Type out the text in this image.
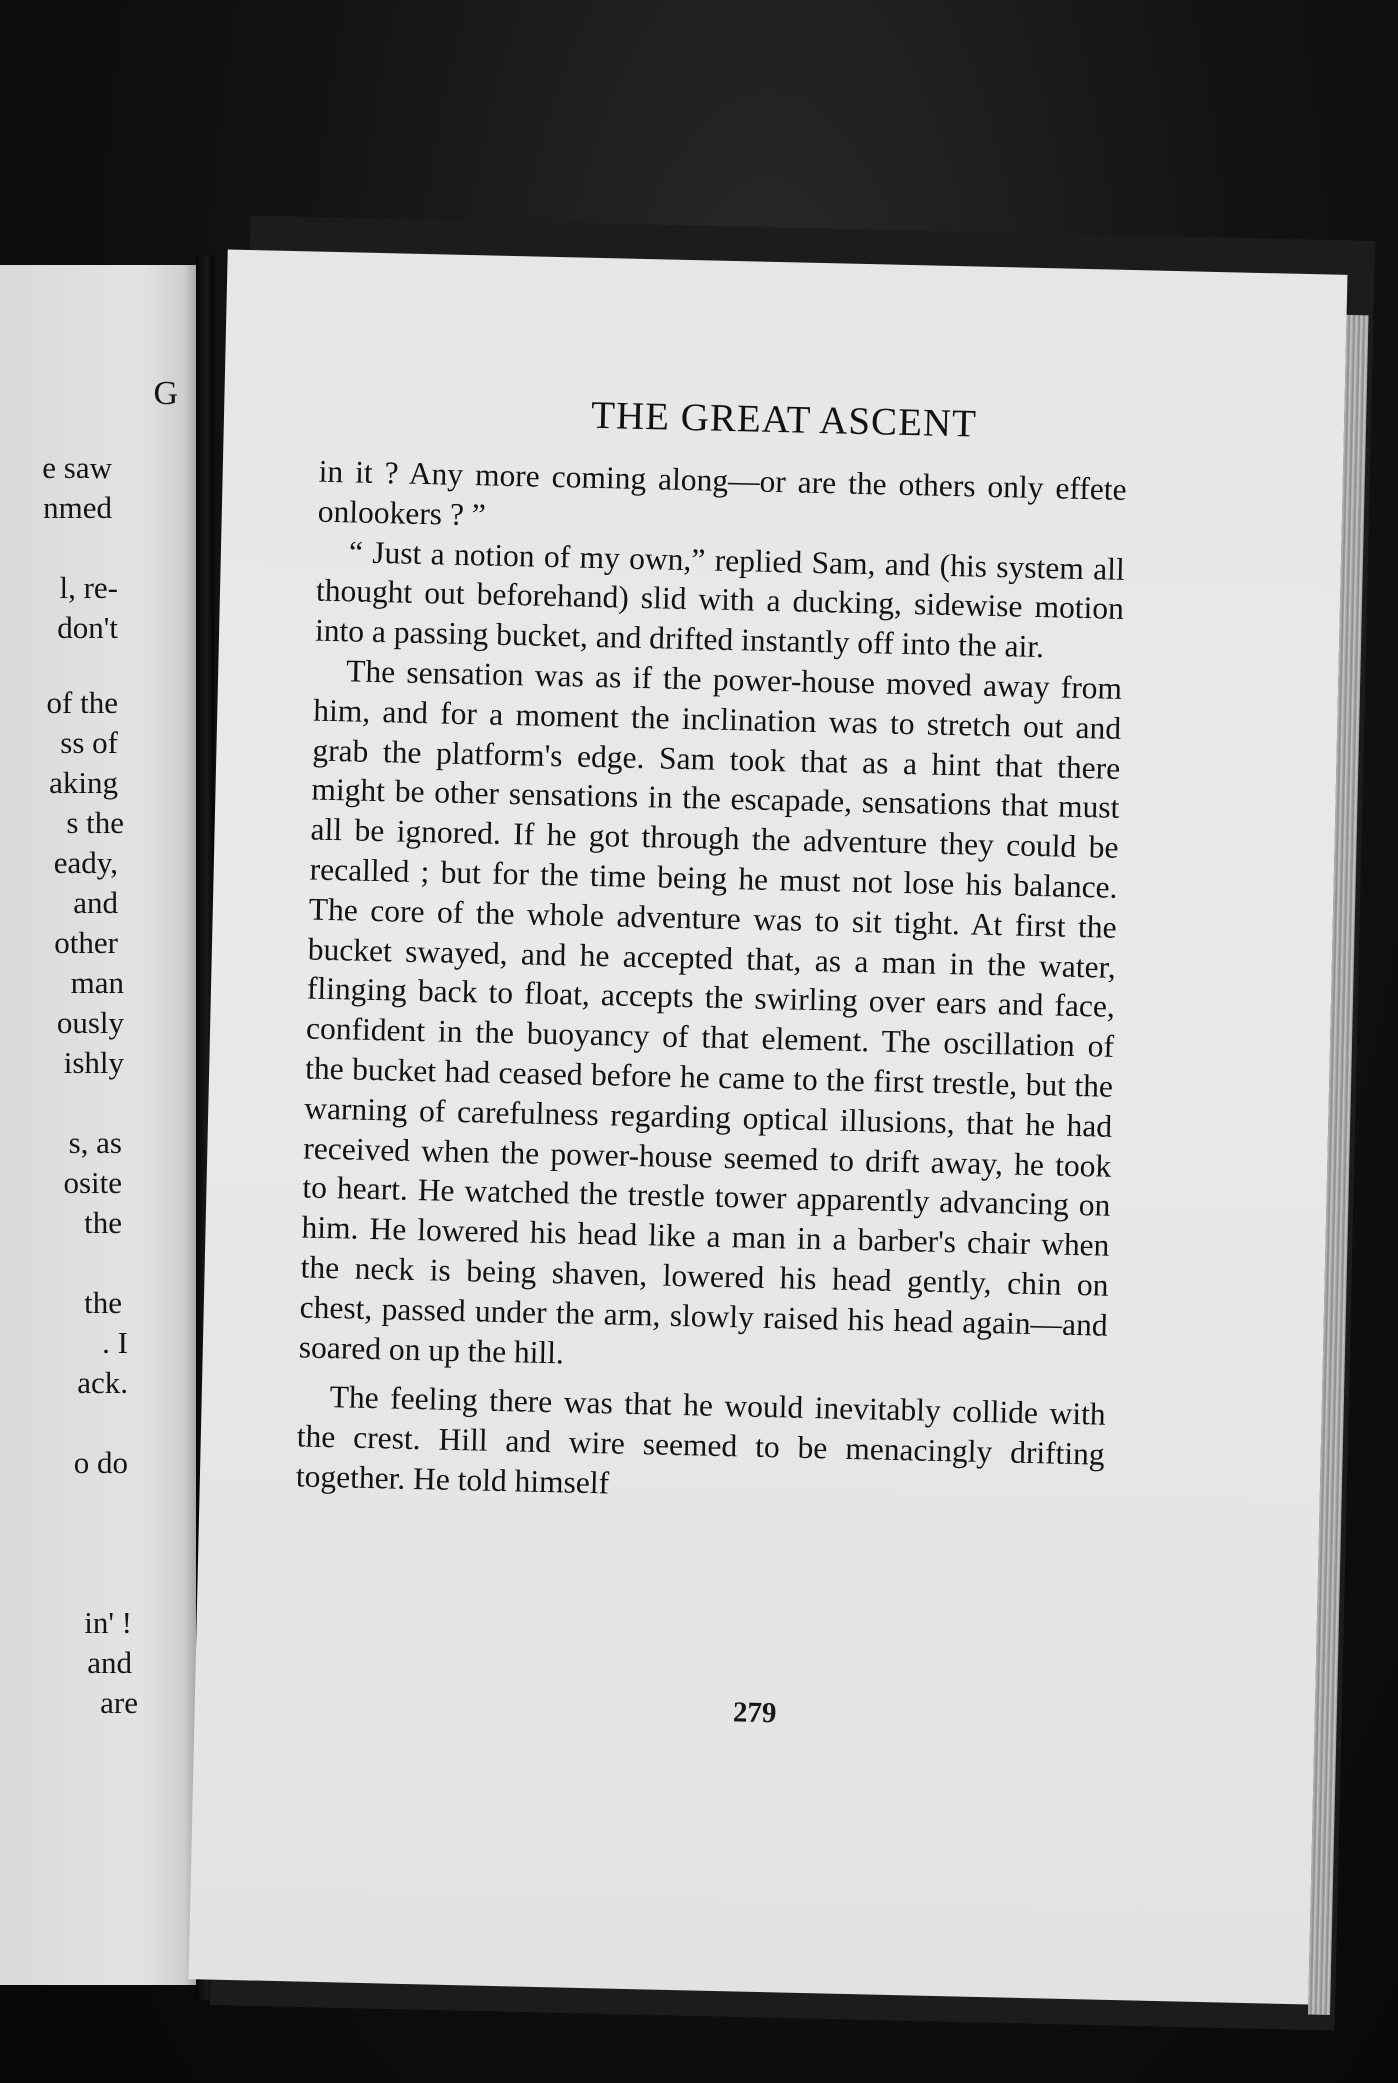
G
e saw
nmed
l, re-
don't
of the
ss of
aking
s the
eady,
and
other
man
ously
ishly
s, as
osite
the
the
. I
ack.
o do
in' !
and
are
THE GREAT ASCENT

in it ? Any more coming along—or are the others only effete onlookers ? ”

“ Just a notion of my own,” replied Sam, and (his system all thought out beforehand) slid with a ducking, sidewise motion into a passing bucket, and drifted instantly off into the air.

The sensation was as if the power-house moved away from him, and for a moment the inclination was to stretch out and grab the platform's edge. Sam took that as a hint that there might be other sensations in the escapade, sensations that must all be ignored. If he got through the adventure they could be recalled ; but for the time being he must not lose his balance. The core of the whole adventure was to sit tight. At first the bucket swayed, and he accepted that, as a man in the water, flinging back to float, accepts the swirling over ears and face, confident in the buoyancy of that element. The oscillation of the bucket had ceased before he came to the first trestle, but the warning of carefulness regarding optical illusions, that he had received when the power-house seemed to drift away, he took to heart. He watched the trestle tower apparently advancing on him. He lowered his head like a man in a barber's chair when the neck is being shaven, lowered his head gently, chin on chest, passed under the arm, slowly raised his head again—and soared on up the hill.

The feeling there was that he would inevitably collide with the crest. Hill and wire seemed to be menacingly drifting together. He told himself

279
